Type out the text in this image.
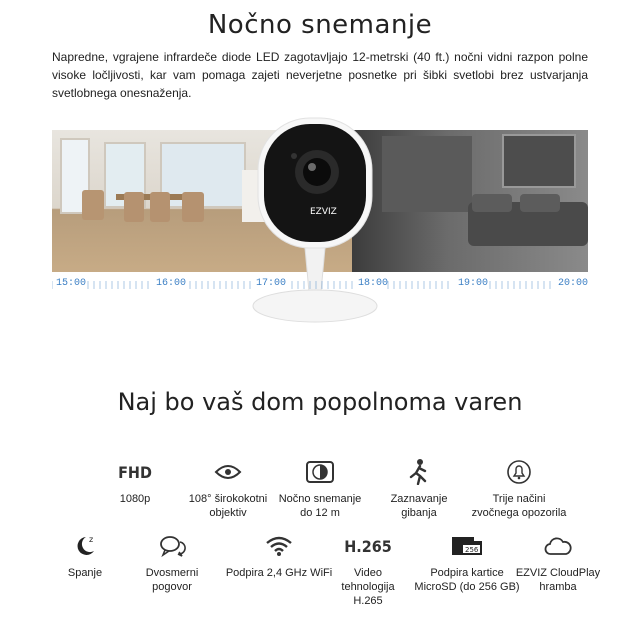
Nočno snemanje
Napredne, vgrajene infrardeče diode LED zagotavljajo 12-metrski (40 ft.) nočni vidni razpon polne visoke ločljivosti, kar vam pomaga zajeti neverjetne posnetke pri šibki svetlobi brez ustvarjanja svetlobnega onesnaženja.
EZVIZ
15:00	16:00	17:00	18:00	19:00	20:00
Naj bo vaš dom popolnoma varen
FHD
1080p	108° širokokotni
objektiv
Nočno snemanje
do 12 m
Zaznavanje
gibanja
Trije načini
zvočnega opozorila
z
Spanje	Dvosmerni
pogovor
Podpira 2,4 GHz WiFi
H.265
Video
tehnologija
H.265
256
Podpira kartice
MicroSD (do 256 GB)
EZVIZ CloudPlay
hramba
